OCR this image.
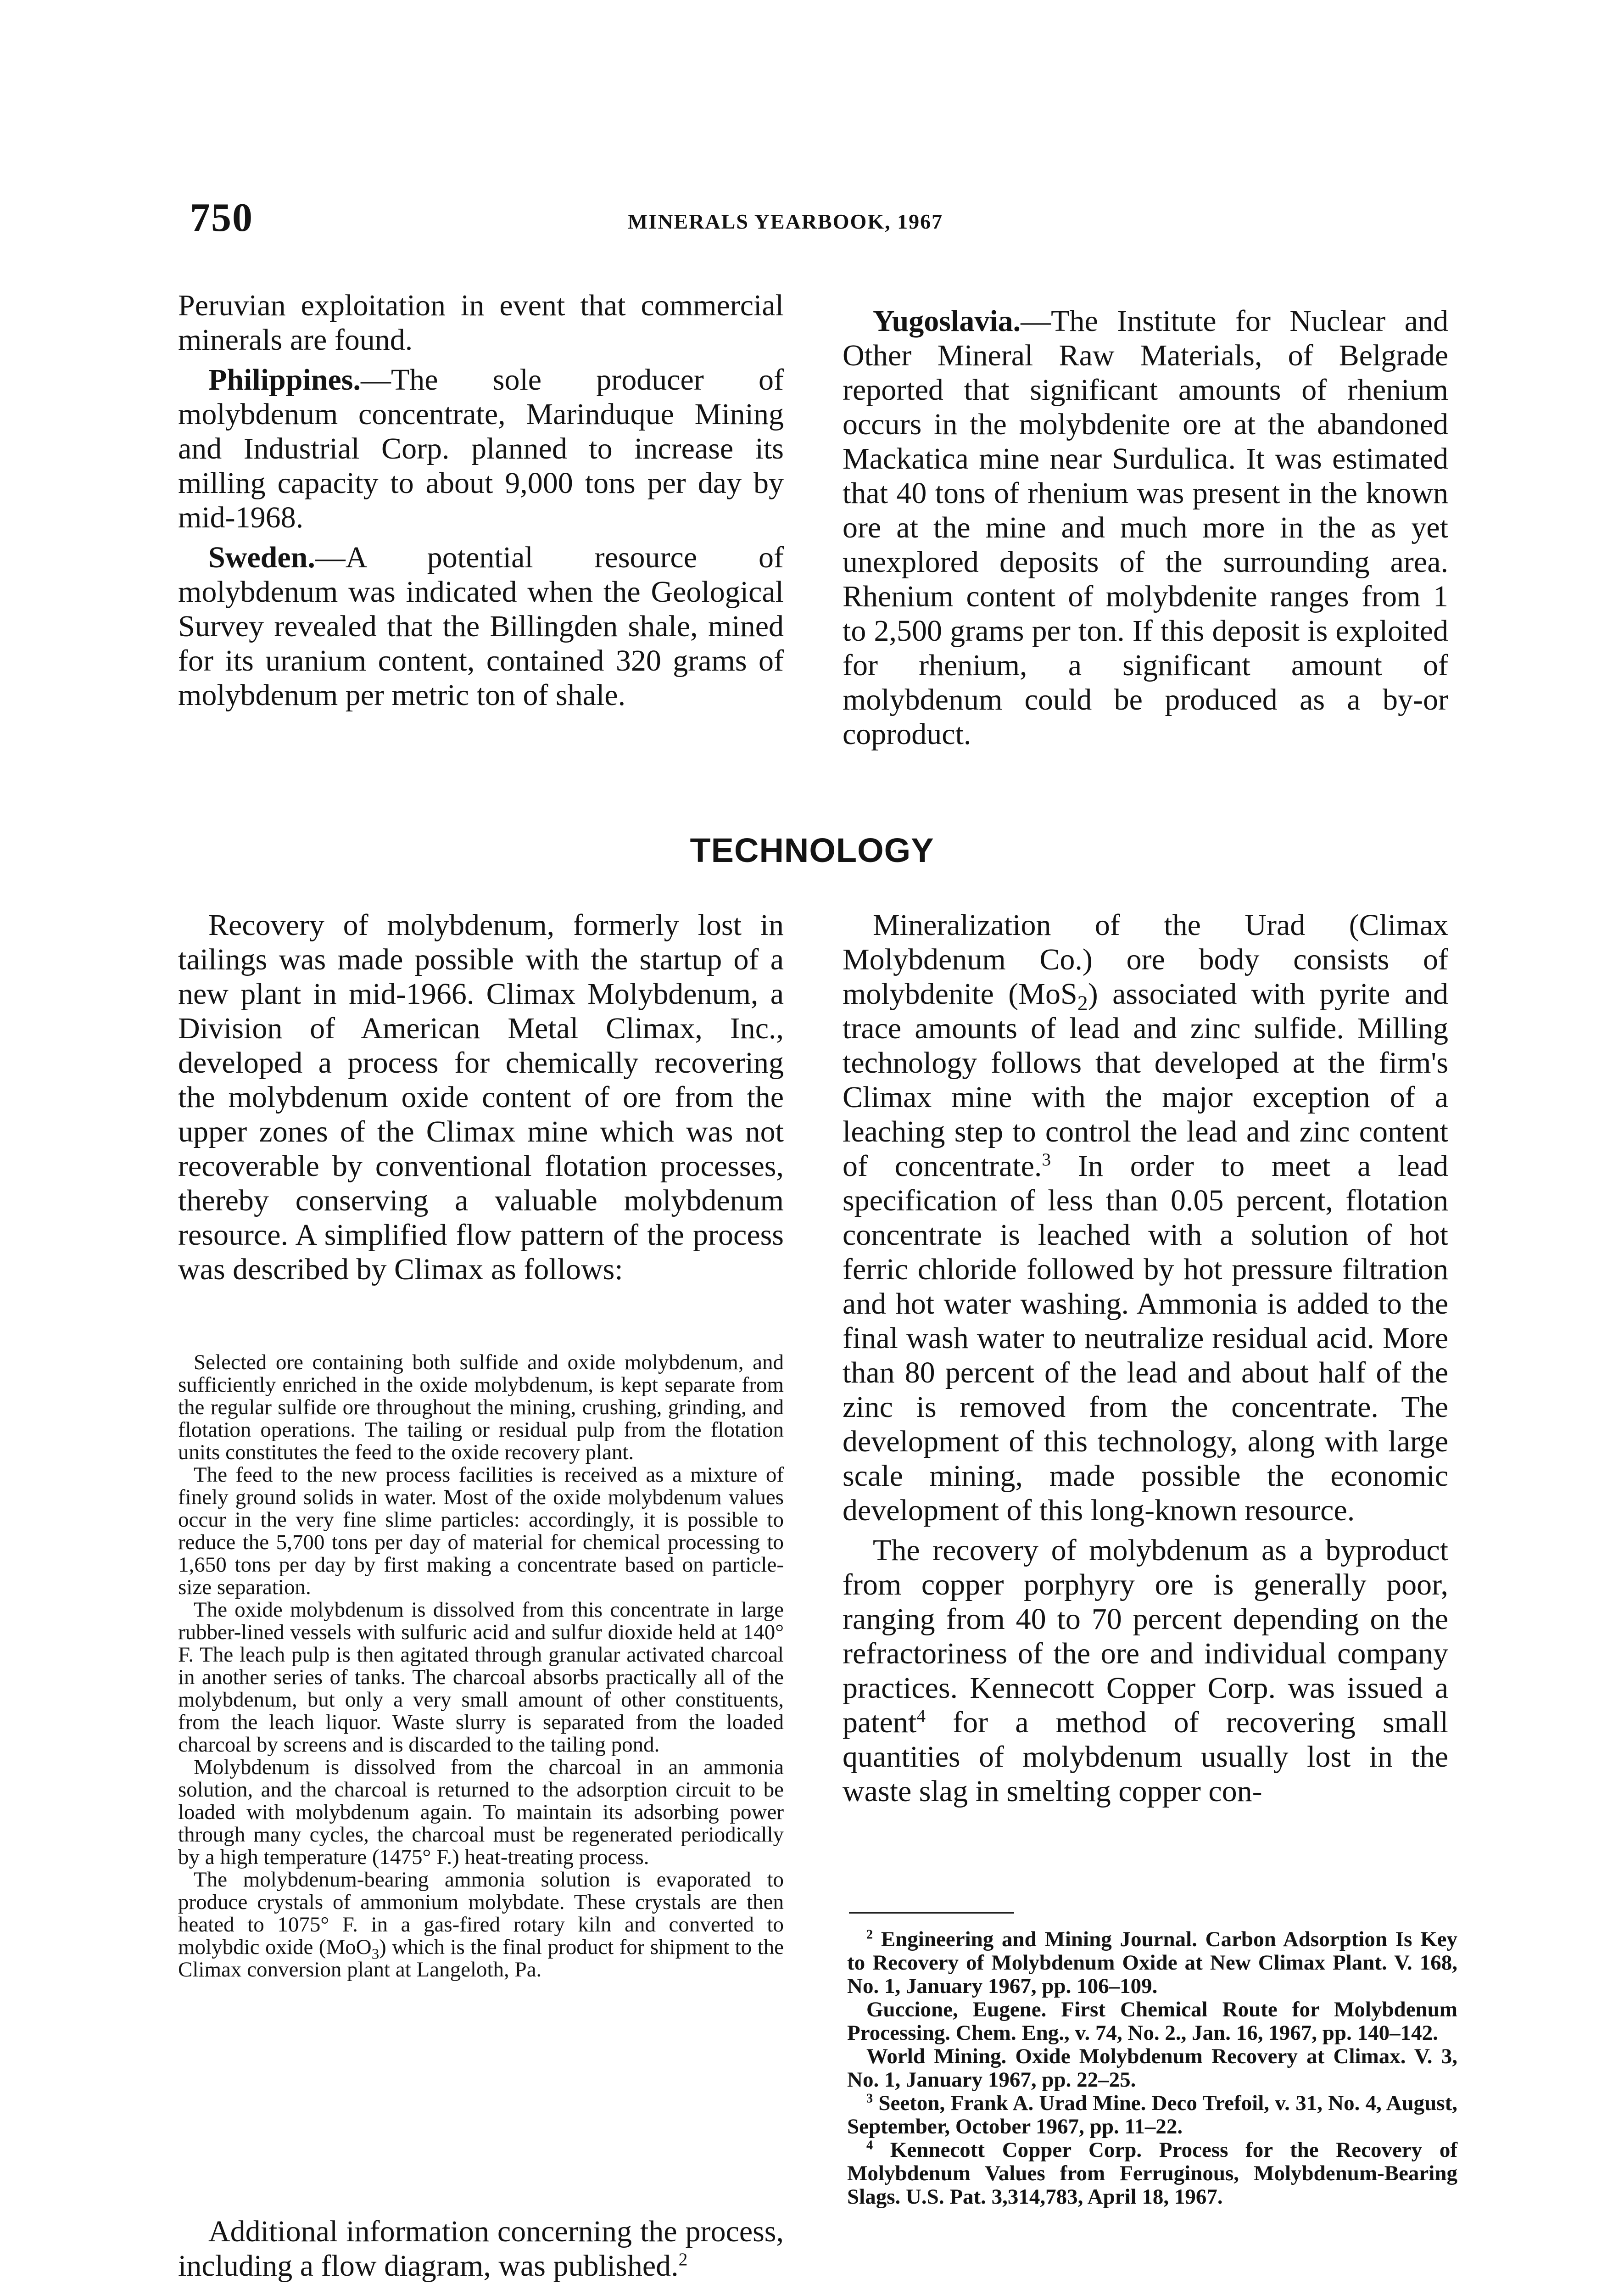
750	MINERALS YEARBOOK, 1967

Peruvian exploitation in event that commercial minerals are found.

Philippines.—The sole producer of molybdenum concentrate, Marinduque Mining and Industrial Corp. planned to increase its milling capacity to about 9,000 tons per day by mid-1968.

Sweden.—A potential resource of molybdenum was indicated when the Geological Survey revealed that the Billingden shale, mined for its uranium content, contained 320 grams of molybdenum per metric ton of shale.

Yugoslavia.—The Institute for Nuclear and Other Mineral Raw Materials, of Belgrade reported that significant amounts of rhenium occurs in the molybdenite ore at the abandoned Mackatica mine near Surdulica. It was estimated that 40 tons of rhenium was present in the known ore at the mine and much more in the as yet unexplored deposits of the surrounding area. Rhenium content of molybdenite ranges from 1 to 2,500 grams per ton. If this deposit is exploited for rhenium, a significant amount of molybdenum could be produced as a by-or coproduct.

TECHNOLOGY

Recovery of molybdenum, formerly lost in tailings was made possible with the startup of a new plant in mid-1966. Climax Molybdenum, a Division of American Metal Climax, Inc., developed a process for chemically recovering the molybdenum oxide content of ore from the upper zones of the Climax mine which was not recoverable by conventional flotation processes, thereby conserving a valuable molybdenum resource. A simplified flow pattern of the process was described by Climax as follows:

Selected ore containing both sulfide and oxide molybdenum, and sufficiently enriched in the oxide molybdenum, is kept separate from the regular sulfide ore throughout the mining, crushing, grinding, and flotation operations. The tailing or residual pulp from the flotation units constitutes the feed to the oxide recovery plant.

The feed to the new process facilities is received as a mixture of finely ground solids in water. Most of the oxide molybdenum values occur in the very fine slime particles: accordingly, it is possible to reduce the 5,700 tons per day of material for chemical processing to 1,650 tons per day by first making a concentrate based on particle-size separation.

The oxide molybdenum is dissolved from this concentrate in large rubber-lined vessels with sulfuric acid and sulfur dioxide held at 140° F. The leach pulp is then agitated through granular activated charcoal in another series of tanks. The charcoal absorbs practically all of the molybdenum, but only a very small amount of other constituents, from the leach liquor. Waste slurry is separated from the loaded charcoal by screens and is discarded to the tailing pond.

Molybdenum is dissolved from the charcoal in an ammonia solution, and the charcoal is returned to the adsorption circuit to be loaded with molybdenum again. To maintain its adsorbing power through many cycles, the charcoal must be regenerated periodically by a high temperature (1475° F.) heat-treating process.

The molybdenum-bearing ammonia solution is evaporated to produce crystals of ammonium molybdate. These crystals are then heated to 1075° F. in a gas-fired rotary kiln and converted to molybdic oxide (MoO$_3$) which is the final product for shipment to the Climax conversion plant at Langeloth, Pa.

Additional information concerning the process, including a flow diagram, was published.$^2$

Mineralization of the Urad (Climax Molybdenum Co.) ore body consists of molybdenite (MoS$_2$) associated with pyrite and trace amounts of lead and zinc sulfide. Milling technology follows that developed at the firm's Climax mine with the major exception of a leaching step to control the lead and zinc content of concentrate.$^3$ In order to meet a lead specification of less than 0.05 percent, flotation concentrate is leached with a solution of hot ferric chloride followed by hot pressure filtration and hot water washing. Ammonia is added to the final wash water to neutralize residual acid. More than 80 percent of the lead and about half of the zinc is removed from the concentrate. The development of this technology, along with large scale mining, made possible the economic development of this long-known resource.

The recovery of molybdenum as a byproduct from copper porphyry ore is generally poor, ranging from 40 to 70 percent depending on the refractoriness of the ore and individual company practices. Kennecott Copper Corp. was issued a patent$^4$ for a method of recovering small quantities of molybdenum usually lost in the waste slag in smelting copper con-

$^2$ Engineering and Mining Journal. Carbon Adsorption Is Key to Recovery of Molybdenum Oxide at New Climax Plant. V. 168, No. 1, January 1967, pp. 106–109.

Guccione, Eugene. First Chemical Route for Molybdenum Processing. Chem. Eng., v. 74, No. 2., Jan. 16, 1967, pp. 140–142.

World Mining. Oxide Molybdenum Recovery at Climax. V. 3, No. 1, January 1967, pp. 22–25.

$^3$ Seeton, Frank A. Urad Mine. Deco Trefoil, v. 31, No. 4, August, September, October 1967, pp. 11–22.

$^4$ Kennecott Copper Corp. Process for the Recovery of Molybdenum Values from Ferruginous, Molybdenum-Bearing Slags. U.S. Pat. 3,314,783, April 18, 1967.
